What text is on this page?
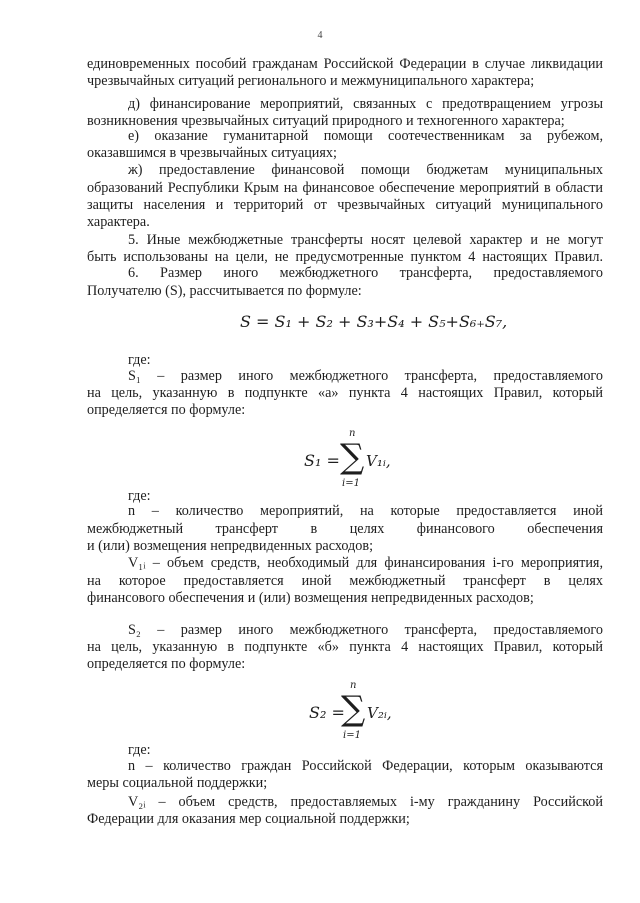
4
единовременных пособий гражданам Российской Федерации в случае ликвидации
чрезвычайных ситуаций регионального и межмуниципального характера;
д) финансирование мероприятий, связанных с предотвращением угрозы
возникновения чрезвычайных ситуаций природного и техногенного характера;
е) оказание гуманитарной помощи соотечественникам за рубежом,
оказавшимся в чрезвычайных ситуациях;
ж) предоставление финансовой помощи бюджетам муниципальных
образований Республики Крым на финансовое обеспечение мероприятий в области
защиты населения и территорий от чрезвычайных ситуаций муниципального
характера.
5. Иные межбюджетные трансферты носят целевой характер и не могут
быть использованы на цели, не предусмотренные пунктом 4 настоящих Правил.
6. Размер иного межбюджетного трансферта, предоставляемого
Получателю (S), рассчитывается по формуле:
S = S₁ + S₂ + S₃+S₄ + S₅+S₆₊S₇,
где:
S₁ – размер иного межбюджетного трансферта, предоставляемого
на цель, указанную в подпункте «а» пункта 4 настоящих Правил, который
определяется по формуле:
S₁ =
n
∑
i=1
V₁ᵢ,
где:
n – количество мероприятий, на которые предоставляется иной
межбюджетный трансферт в целях финансового обеспечения
и (или) возмещения непредвиденных расходов;
V₁ᵢ – объем средств, необходимый для финансирования i-го мероприятия,
на которое предоставляется иной межбюджетный трансферт в целях
финансового обеспечения и (или) возмещения непредвиденных расходов;
S₂ – размер иного межбюджетного трансферта, предоставляемого
на цель, указанную в подпункте «б» пункта 4 настоящих Правил, который
определяется по формуле:
S₂ =
n
∑
i=1
V₂ᵢ,
где:
n – количество граждан Российской Федерации, которым оказываются
меры социальной поддержки;
V₂ᵢ – объем средств, предоставляемых i-му гражданину Российской
Федерации для оказания мер социальной поддержки;
